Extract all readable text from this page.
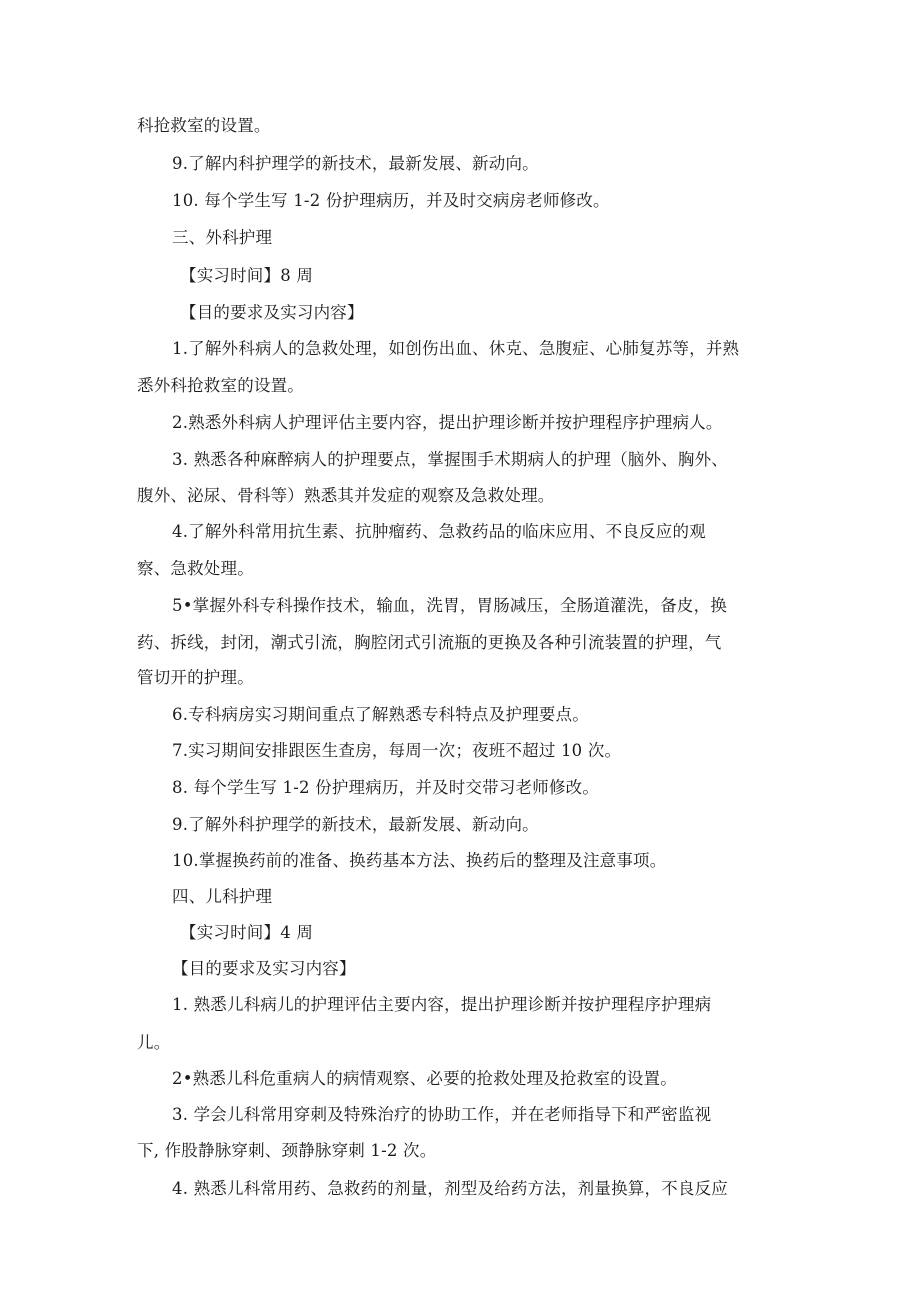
科抢救室的设置。
9.了解内科护理学的新技术，最新发展、新动向。
10. 每个学生写 1-2 份护理病历，并及时交病房老师修改。
三、外科护理
【实习时间】8 周
【目的要求及实习内容】
1.了解外科病人的急救处理，如创伤出血、休克、急腹症、心肺复苏等，并熟
悉外科抢救室的设置。
2.熟悉外科病人护理评估主要内容，提出护理诊断并按护理程序护理病人。
3. 熟悉各种麻醉病人的护理要点，掌握围手术期病人的护理（脑外、胸外、
腹外、泌尿、骨科等）熟悉其并发症的观察及急救处理。
4.了解外科常用抗生素、抗肿瘤药、急救药品的临床应用、不良反应的观
察、急救处理。
5•掌握外科专科操作技术，输血，洗胃，胃肠减压，全肠道灌洗，备皮，换
药、拆线，封闭，潮式引流，胸腔闭式引流瓶的更换及各种引流装置的护理，气
管切开的护理。
6.专科病房实习期间重点了解熟悉专科特点及护理要点。
7.实习期间安排跟医生查房，每周一次；夜班不超过 10 次。
8. 每个学生写 1-2 份护理病历，并及时交带习老师修改。
9.了解外科护理学的新技术，最新发展、新动向。
10.掌握换药前的准备、换药基本方法、换药后的整理及注意事项。
四、儿科护理
【实习时间】4 周
【目的要求及实习内容】
1. 熟悉儿科病儿的护理评估主要内容，提出护理诊断并按护理程序护理病
儿。
2•熟悉儿科危重病人的病情观察、必要的抢救处理及抢救室的设置。
3. 学会儿科常用穿刺及特殊治疗的协助工作，并在老师指导下和严密监视
下, 作股静脉穿刺、颈静脉穿刺 1-2 次。
4. 熟悉儿科常用药、急救药的剂量，剂型及给药方法，剂量换算，不良反应
